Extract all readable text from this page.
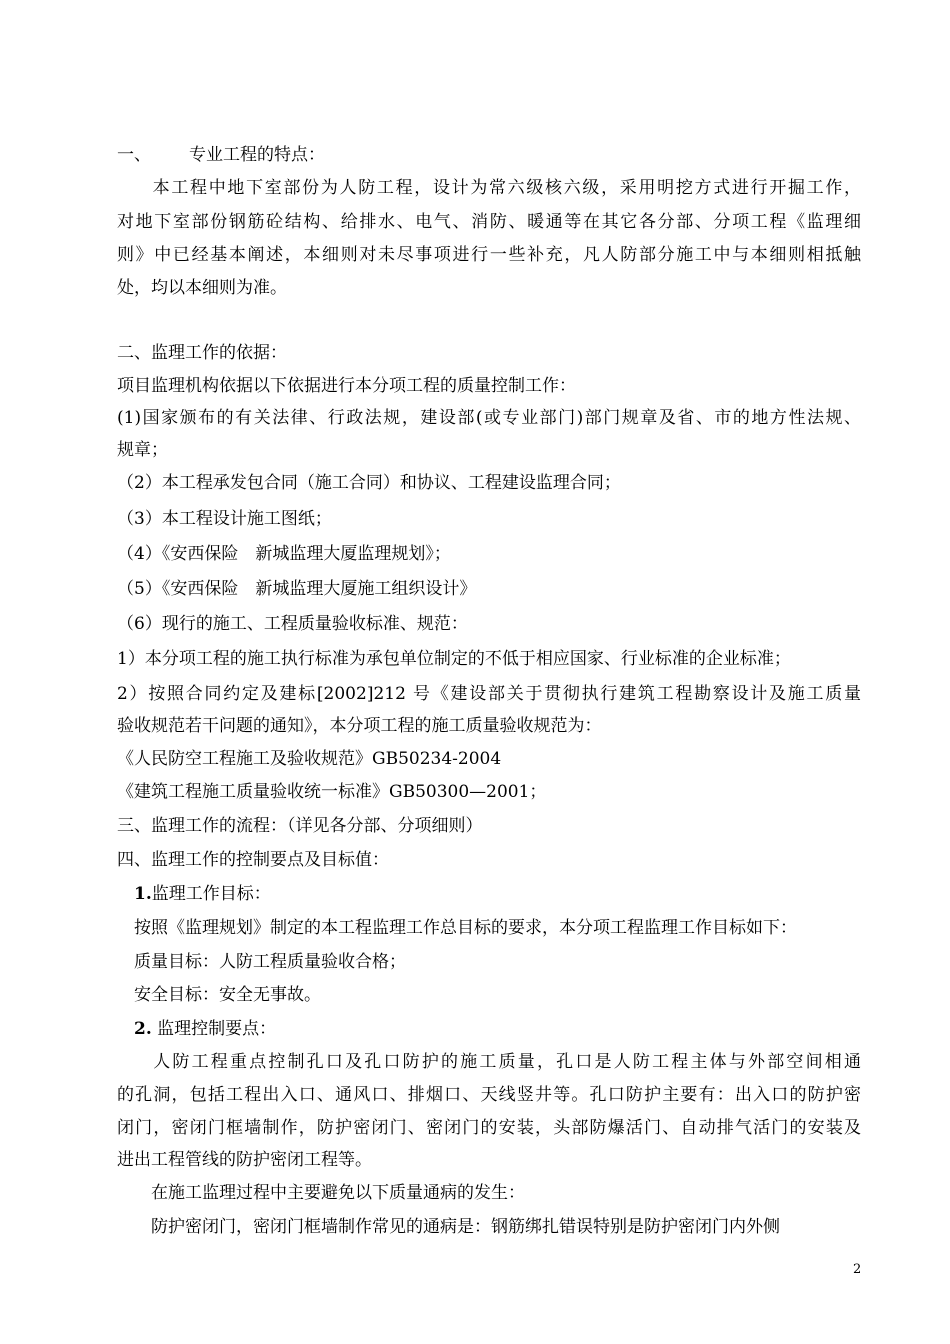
一、 专业工程的特点：

本工程中地下室部份为人防工程，设计为常六级核六级，采用明挖方式进行开掘工作，

对地下室部份钢筋砼结构、给排水、电气、消防、暖通等在其它各分部、分项工程《监理细

则》中已经基本阐述，本细则对未尽事项进行一些补充，凡人防部分施工中与本细则相抵触

处，均以本细则为准。

二、监理工作的依据：

项目监理机构依据以下依据进行本分项工程的质量控制工作：

(1)国家颁布的有关法律、行政法规，建设部(或专业部门)部门规章及省、市的地方性法规、

规章；

（2）本工程承发包合同（施工合同）和协议、工程建设监理合同；

（3）本工程设计施工图纸；

（4）《安西保险　新城监理大厦监理规划》；

（5）《安西保险　新城监理大厦施工组织设计》

（6）现行的施工、工程质量验收标准、规范：

1）本分项工程的施工执行标准为承包单位制定的不低于相应国家、行业标准的企业标准；

2）按照合同约定及建标[2002]212 号《建设部关于贯彻执行建筑工程勘察设计及施工质量

验收规范若干问题的通知》，本分项工程的施工质量验收规范为：

《人民防空工程施工及验收规范》GB50234-2004

《建筑工程施工质量验收统一标准》GB50300—2001；

三、监理工作的流程：（详见各分部、分项细则）

四、监理工作的控制要点及目标值：

1.监理工作目标：

按照《监理规划》制定的本工程监理工作总目标的要求，本分项工程监理工作目标如下：

质量目标：人防工程质量验收合格；

安全目标：安全无事故。

2. 监理控制要点：

人防工程重点控制孔口及孔口防护的施工质量，孔口是人防工程主体与外部空间相通

的孔洞，包括工程出入口、通风口、排烟口、天线竖井等。孔口防护主要有：出入口的防护密

闭门，密闭门框墙制作，防护密闭门、密闭门的安装，头部防爆活门、自动排气活门的安装及

进出工程管线的防护密闭工程等。

在施工监理过程中主要避免以下质量通病的发生：

防护密闭门，密闭门框墙制作常见的通病是：钢筋绑扎错误特别是防护密闭门内外侧

2
